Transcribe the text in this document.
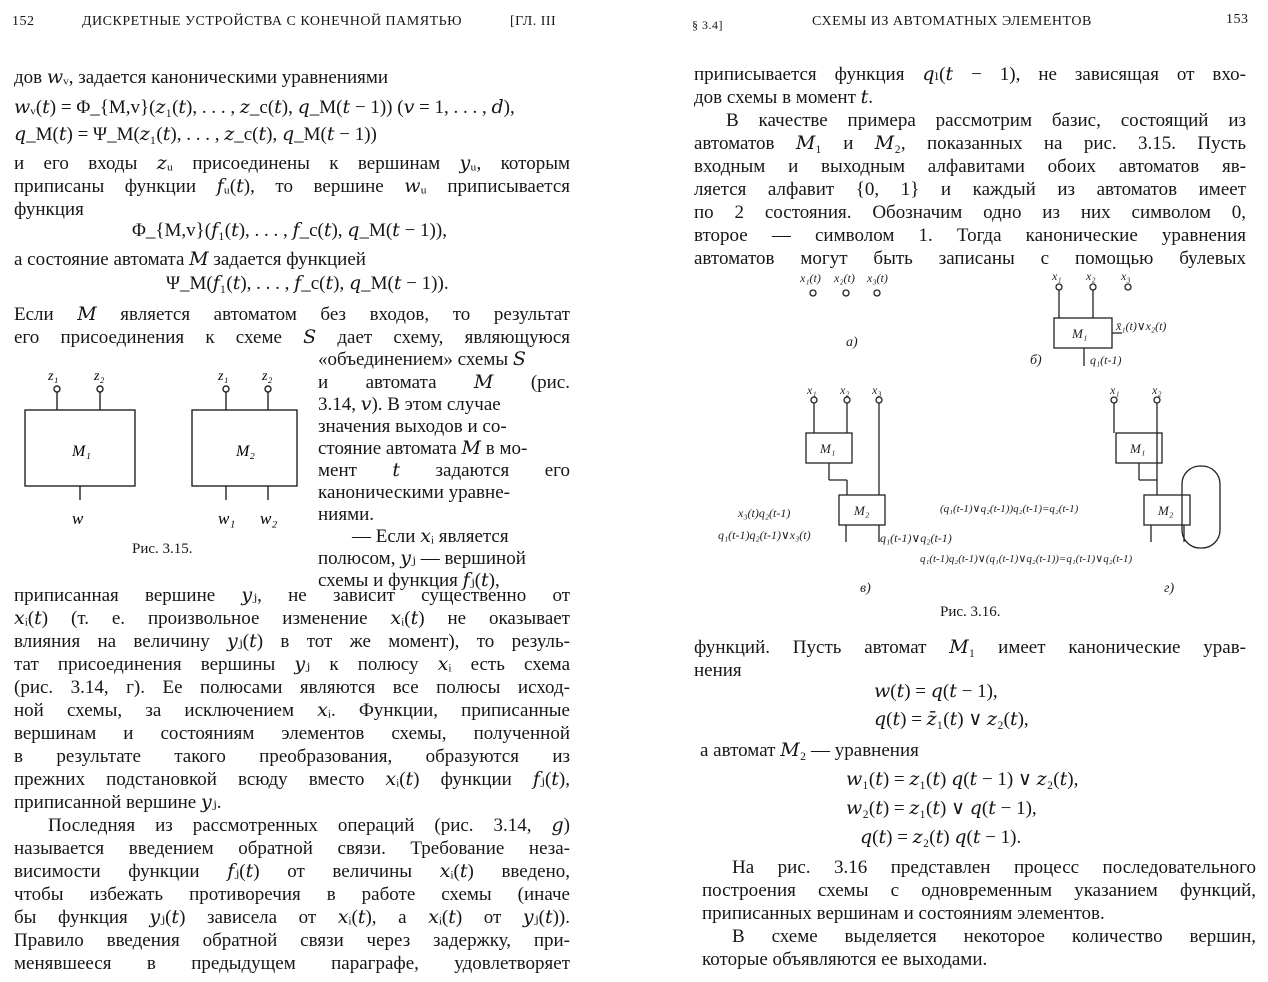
152	ДИСКРЕТНЫЕ УСТРОЙСТВА С КОНЕЧНОЙ ПАМЯТЬЮ	[ГЛ. III
дов 𝑤ᵥ, задается каноническими уравнениями
𝑤ᵥ(𝑡) = Φ_{M,v}(𝑧₁(𝑡), . . . , 𝑧_c(𝑡), 𝑞_M(𝑡 − 1)) (𝑣 = 1, . . . , 𝑑),
𝑞_M(𝑡) = Ψ_M(𝑧₁(𝑡), . . . , 𝑧_c(𝑡), 𝑞_M(𝑡 − 1))
и его входы 𝑧ᵤ присоединены к вершинам 𝑦ᵤ, которым
приписаны функции 𝑓ᵤ(𝑡), то вершине 𝑤ᵤ приписывается
функция
Φ_{M,v}(𝑓₁(𝑡), . . . , 𝑓_c(𝑡), 𝑞_M(𝑡 − 1)),
а состояние автомата 𝑀 задается функцией
Ψ_M(𝑓₁(𝑡), . . . , 𝑓_c(𝑡), 𝑞_M(𝑡 − 1)).
Если 𝑀 является автоматом без входов, то результат
его присоединения к схеме 𝑆 дает схему, являющуюся
«объединением» схемы 𝑆
и автомата 𝑀 (рис.
3.14, 𝑣). В этом случае
значения выходов и со-
стояние автомата 𝑀 в мо-
мент 𝑡 задаются его
каноническими уравне-
ниями.
— Если 𝑥ᵢ является
полюсом, 𝑦ⱼ — вершиной
схемы и функция 𝑓ⱼ(𝑡),
M₁	M₂
z₁	z₂	z₁ z₂
w	w₁ w₂
Рис. 3.15.
приписанная вершине 𝑦ⱼ, не зависит существенно от
𝑥ᵢ(𝑡) (т. е. произвольное изменение 𝑥ᵢ(𝑡) не оказывает
влияния на величину 𝑦ⱼ(𝑡) в тот же момент), то резуль-
тат присоединения вершины 𝑦ⱼ к полюсу 𝑥ᵢ есть схема
(рис. 3.14, г). Ее полюсами являются все полюсы исход-
ной схемы, за исключением 𝑥ᵢ. Функции, приписанные
вершинам и состояниям элементов схемы, полученной
в результате такого преобразования, образуются из
прежних подстановкой всюду вместо 𝑥ᵢ(𝑡) функции 𝑓ⱼ(𝑡),
приписанной вершине 𝑦ⱼ.
Последняя из рассмотренных операций (рис. 3.14, 𝑔)
называется введением обратной связи. Требование неза-
висимости функции 𝑓ⱼ(𝑡) от величины 𝑥ᵢ(𝑡) введено,
чтобы избежать противоречия в работе схемы (иначе
бы функция 𝑦ⱼ(𝑡) зависела от 𝑥ᵢ(𝑡), а 𝑥ᵢ(𝑡) от 𝑦ⱼ(𝑡)).
Правило введения обратной связи через задержку, при-
менявшееся в предыдущем параграфе, удовлетворяет
§ 3.4]	СХЕМЫ ИЗ АВТОМАТНЫХ ЭЛЕМЕНТОВ	153
приписывается функция 𝑞ₗ(𝑡 − 1), не зависящая от вхо-
дов схемы в момент 𝑡.
В качестве примера рассмотрим базис, состоящий из
автоматов 𝑀₁ и 𝑀₂, показанных на рис. 3.15. Пусть
входным и выходным алфавитами обоих автоматов яв-
ляется алфавит {0, 1} и каждый из автоматов имеет
по 2 состояния. Обозначим одно из них символом 0,
второе — символом 1. Тогда канонические уравнения
автоматов могут быть записаны с помощью булевых
x₁(t) x₂(t) x₃(t)	x₁ x₂ x₃
M₁ x̄₁(t)∨x₂(t)
q₁(t-1)
x₁ x₂ x₃
M₁
M₂
x₃(t)q₂(t-1)
q₁(t-1)q₂(t-1)∨x₃(t)	q₁(t-1)∨q₂(t-1)
x₁	x₂
M₁
M₂
(q₁(t-1)∨q₂(t-1))q₂(t-1)=q₂(t-1)
q₁(t-1)q₂(t-1)∨(q₁(t-1)∨q₂(t-1))=q₁(t-1)∨q₂(t-1)
а)
б)
в)	г)
Рис. 3.16.
функций. Пусть автомат 𝑀₁ имеет канонические урав-
нения
𝑤(𝑡) = 𝑞(𝑡 − 1),
𝑞(𝑡) = 𝑧̄₁(𝑡) ∨ 𝑧₂(𝑡),
а автомат 𝑀₂ — уравнения
𝑤₁(𝑡) = 𝑧₁(𝑡) 𝑞(𝑡 − 1) ∨ 𝑧₂(𝑡),
𝑤₂(𝑡) = 𝑧₁(𝑡) ∨ 𝑞(𝑡 − 1),
𝑞(𝑡) = 𝑧₂(𝑡) 𝑞(𝑡 − 1).
На рис. 3.16 представлен процесс последовательного
построения схемы с одновременным указанием функций,
приписанных вершинам и состояниям элементов.
В схеме выделяется некоторое количество вершин,
которые объявляются ее выходами.
